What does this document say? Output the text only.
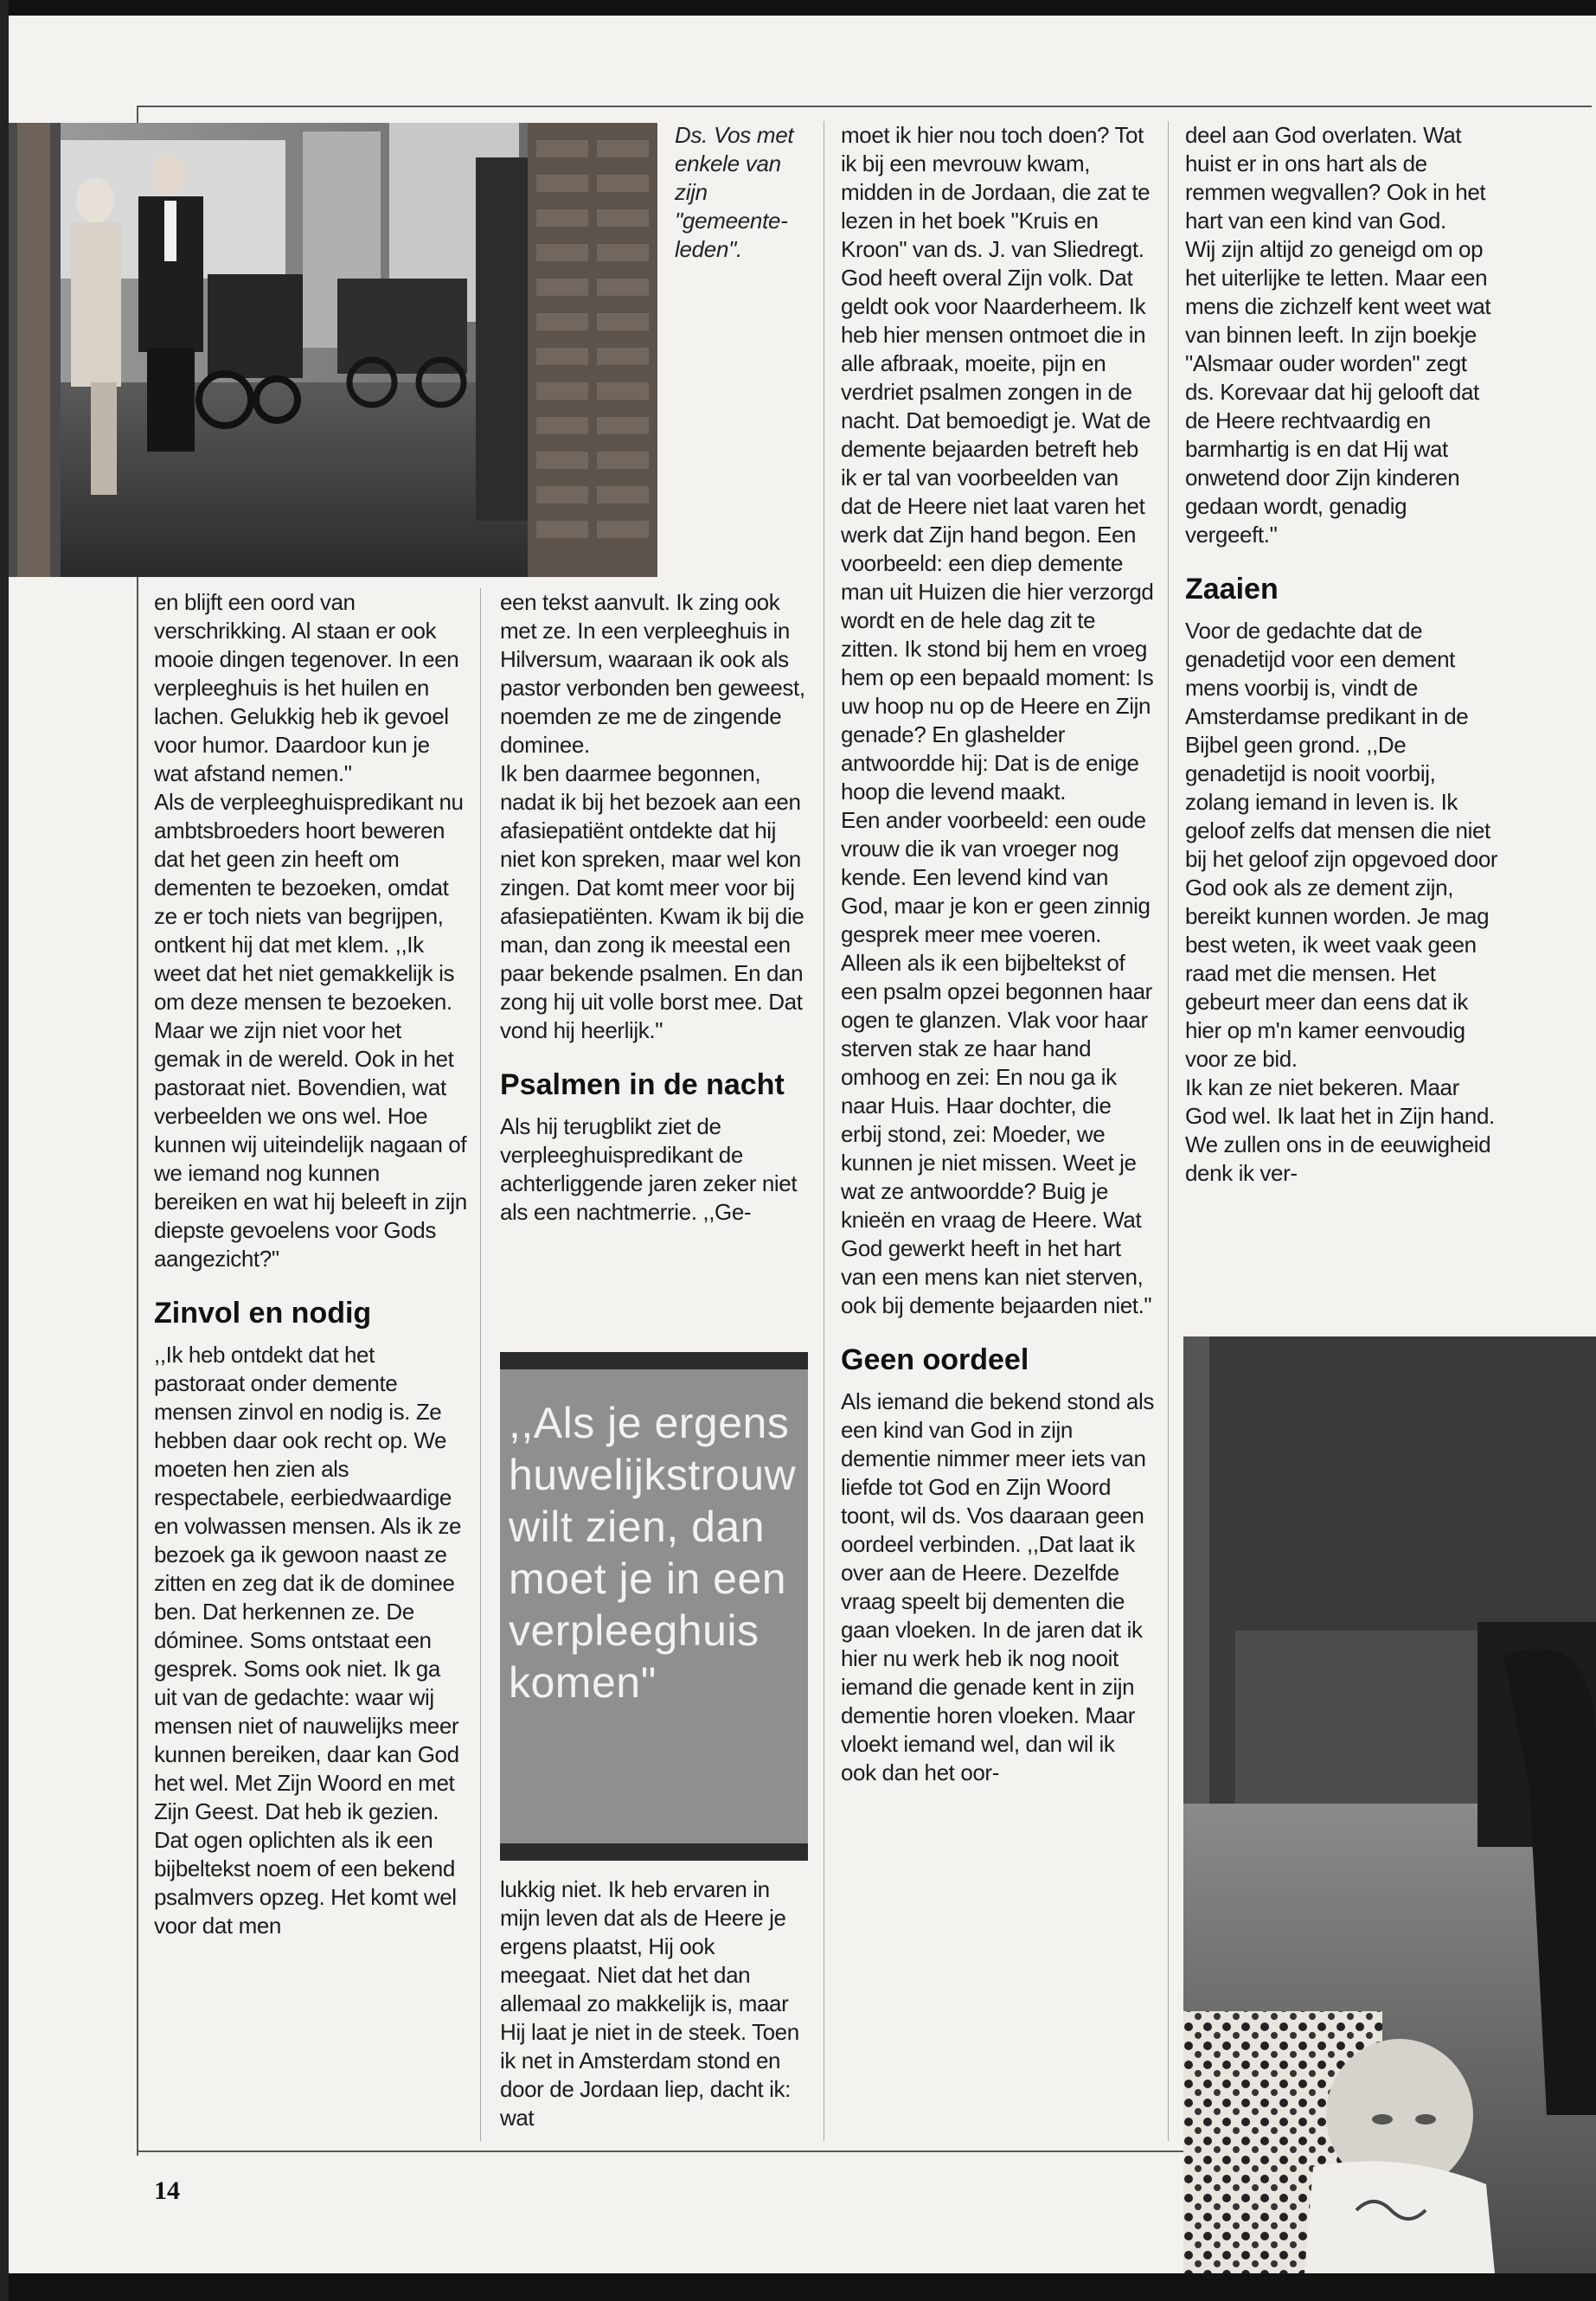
Ds. Vos met enkele van zijn "gemeente-leden".

en blijft een oord van verschrikking. Al staan er ook mooie dingen tegenover. In een verpleeghuis is het huilen en lachen. Gelukkig heb ik gevoel voor humor. Daardoor kun je wat afstand nemen."

Als de verpleeghuispredikant nu ambtsbroeders hoort beweren dat het geen zin heeft om dementen te bezoeken, omdat ze er toch niets van begrijpen, ontkent hij dat met klem. ,,Ik weet dat het niet gemakkelijk is om deze mensen te bezoeken. Maar we zijn niet voor het gemak in de wereld. Ook in het pastoraat niet. Bovendien, wat verbeelden we ons wel. Hoe kunnen wij uiteindelijk nagaan of we iemand nog kunnen bereiken en wat hij beleeft in zijn diepste gevoelens voor Gods aangezicht?"

Zinvol en nodig

,,Ik heb ontdekt dat het pastoraat onder demente mensen zinvol en nodig is. Ze hebben daar ook recht op. We moeten hen zien als respectabele, eerbiedwaardige en volwassen mensen. Als ik ze bezoek ga ik gewoon naast ze zitten en zeg dat ik de dominee ben. Dat herkennen ze. De dóminee. Soms ontstaat een gesprek. Soms ook niet. Ik ga uit van de gedachte: waar wij mensen niet of nauwelijks meer kunnen bereiken, daar kan God het wel. Met Zijn Woord en met Zijn Geest. Dat heb ik gezien. Dat ogen oplichten als ik een bijbeltekst noem of een bekend psalmvers opzeg. Het komt wel voor dat men

een tekst aanvult. Ik zing ook met ze. In een verpleeghuis in Hilversum, waaraan ik ook als pastor verbonden ben geweest, noemden ze me de zingende dominee.

Ik ben daarmee begonnen, nadat ik bij het bezoek aan een afasiepatiënt ontdekte dat hij niet kon spreken, maar wel kon zingen. Dat komt meer voor bij afasiepatiënten. Kwam ik bij die man, dan zong ik meestal een paar bekende psalmen. En dan zong hij uit volle borst mee. Dat vond hij heerlijk."

Psalmen in de nacht

Als hij terugblikt ziet de verpleeghuispredikant de achterliggende jaren zeker niet als een nachtmerrie. ,,Ge-

,,Als je ergens huwelijkstrouw wilt zien, dan moet je in een verpleeghuis komen"

lukkig niet. Ik heb ervaren in mijn leven dat als de Heere je ergens plaatst, Hij ook meegaat. Niet dat het dan allemaal zo makkelijk is, maar Hij laat je niet in de steek. Toen ik net in Amsterdam stond en door de Jordaan liep, dacht ik: wat

moet ik hier nou toch doen? Tot ik bij een mevrouw kwam, midden in de Jordaan, die zat te lezen in het boek "Kruis en Kroon" van ds. J. van Sliedregt. God heeft overal Zijn volk. Dat geldt ook voor Naarderheem. Ik heb hier mensen ontmoet die in alle afbraak, moeite, pijn en verdriet psalmen zongen in de nacht. Dat bemoedigt je. Wat de demente bejaarden betreft heb ik er tal van voorbeelden van dat de Heere niet laat varen het werk dat Zijn hand begon. Een voorbeeld: een diep demente man uit Huizen die hier verzorgd wordt en de hele dag zit te zitten. Ik stond bij hem en vroeg hem op een bepaald moment: Is uw hoop nu op de Heere en Zijn genade? En glashelder antwoordde hij: Dat is de enige hoop die levend maakt.

Een ander voorbeeld: een oude vrouw die ik van vroeger nog kende. Een levend kind van God, maar je kon er geen zinnig gesprek meer mee voeren. Alleen als ik een bijbeltekst of een psalm opzei begonnen haar ogen te glanzen. Vlak voor haar sterven stak ze haar hand omhoog en zei: En nou ga ik naar Huis. Haar dochter, die erbij stond, zei: Moeder, we kunnen je niet missen. Weet je wat ze antwoordde? Buig je knieën en vraag de Heere. Wat God gewerkt heeft in het hart van een mens kan niet sterven, ook bij demente bejaarden niet."

Geen oordeel

Als iemand die bekend stond als een kind van God in zijn dementie nimmer meer iets van liefde tot God en Zijn Woord toont, wil ds. Vos daaraan geen oordeel verbinden. ,,Dat laat ik over aan de Heere. Dezelfde vraag speelt bij dementen die gaan vloeken. In de jaren dat ik hier nu werk heb ik nog nooit iemand die genade kent in zijn dementie horen vloeken. Maar vloekt iemand wel, dan wil ik ook dan het oor-

deel aan God overlaten. Wat huist er in ons hart als de remmen wegvallen? Ook in het hart van een kind van God.

Wij zijn altijd zo geneigd om op het uiterlijke te letten. Maar een mens die zichzelf kent weet wat van binnen leeft. In zijn boekje "Alsmaar ouder worden" zegt ds. Korevaar dat hij gelooft dat de Heere rechtvaardig en barmhartig is en dat Hij wat onwetend door Zijn kinderen gedaan wordt, genadig vergeeft."

Zaaien

Voor de gedachte dat de genadetijd voor een dement mens voorbij is, vindt de Amsterdamse predikant in de Bijbel geen grond. ,,De genadetijd is nooit voorbij, zolang iemand in leven is. Ik geloof zelfs dat mensen die niet bij het geloof zijn opgevoed door God ook als ze dement zijn, bereikt kunnen worden. Je mag best weten, ik weet vaak geen raad met die mensen. Het gebeurt meer dan eens dat ik hier op m'n kamer eenvoudig voor ze bid.

Ik kan ze niet bekeren. Maar God wel. Ik laat het in Zijn hand. We zullen ons in de eeuwigheid denk ik ver-

14
